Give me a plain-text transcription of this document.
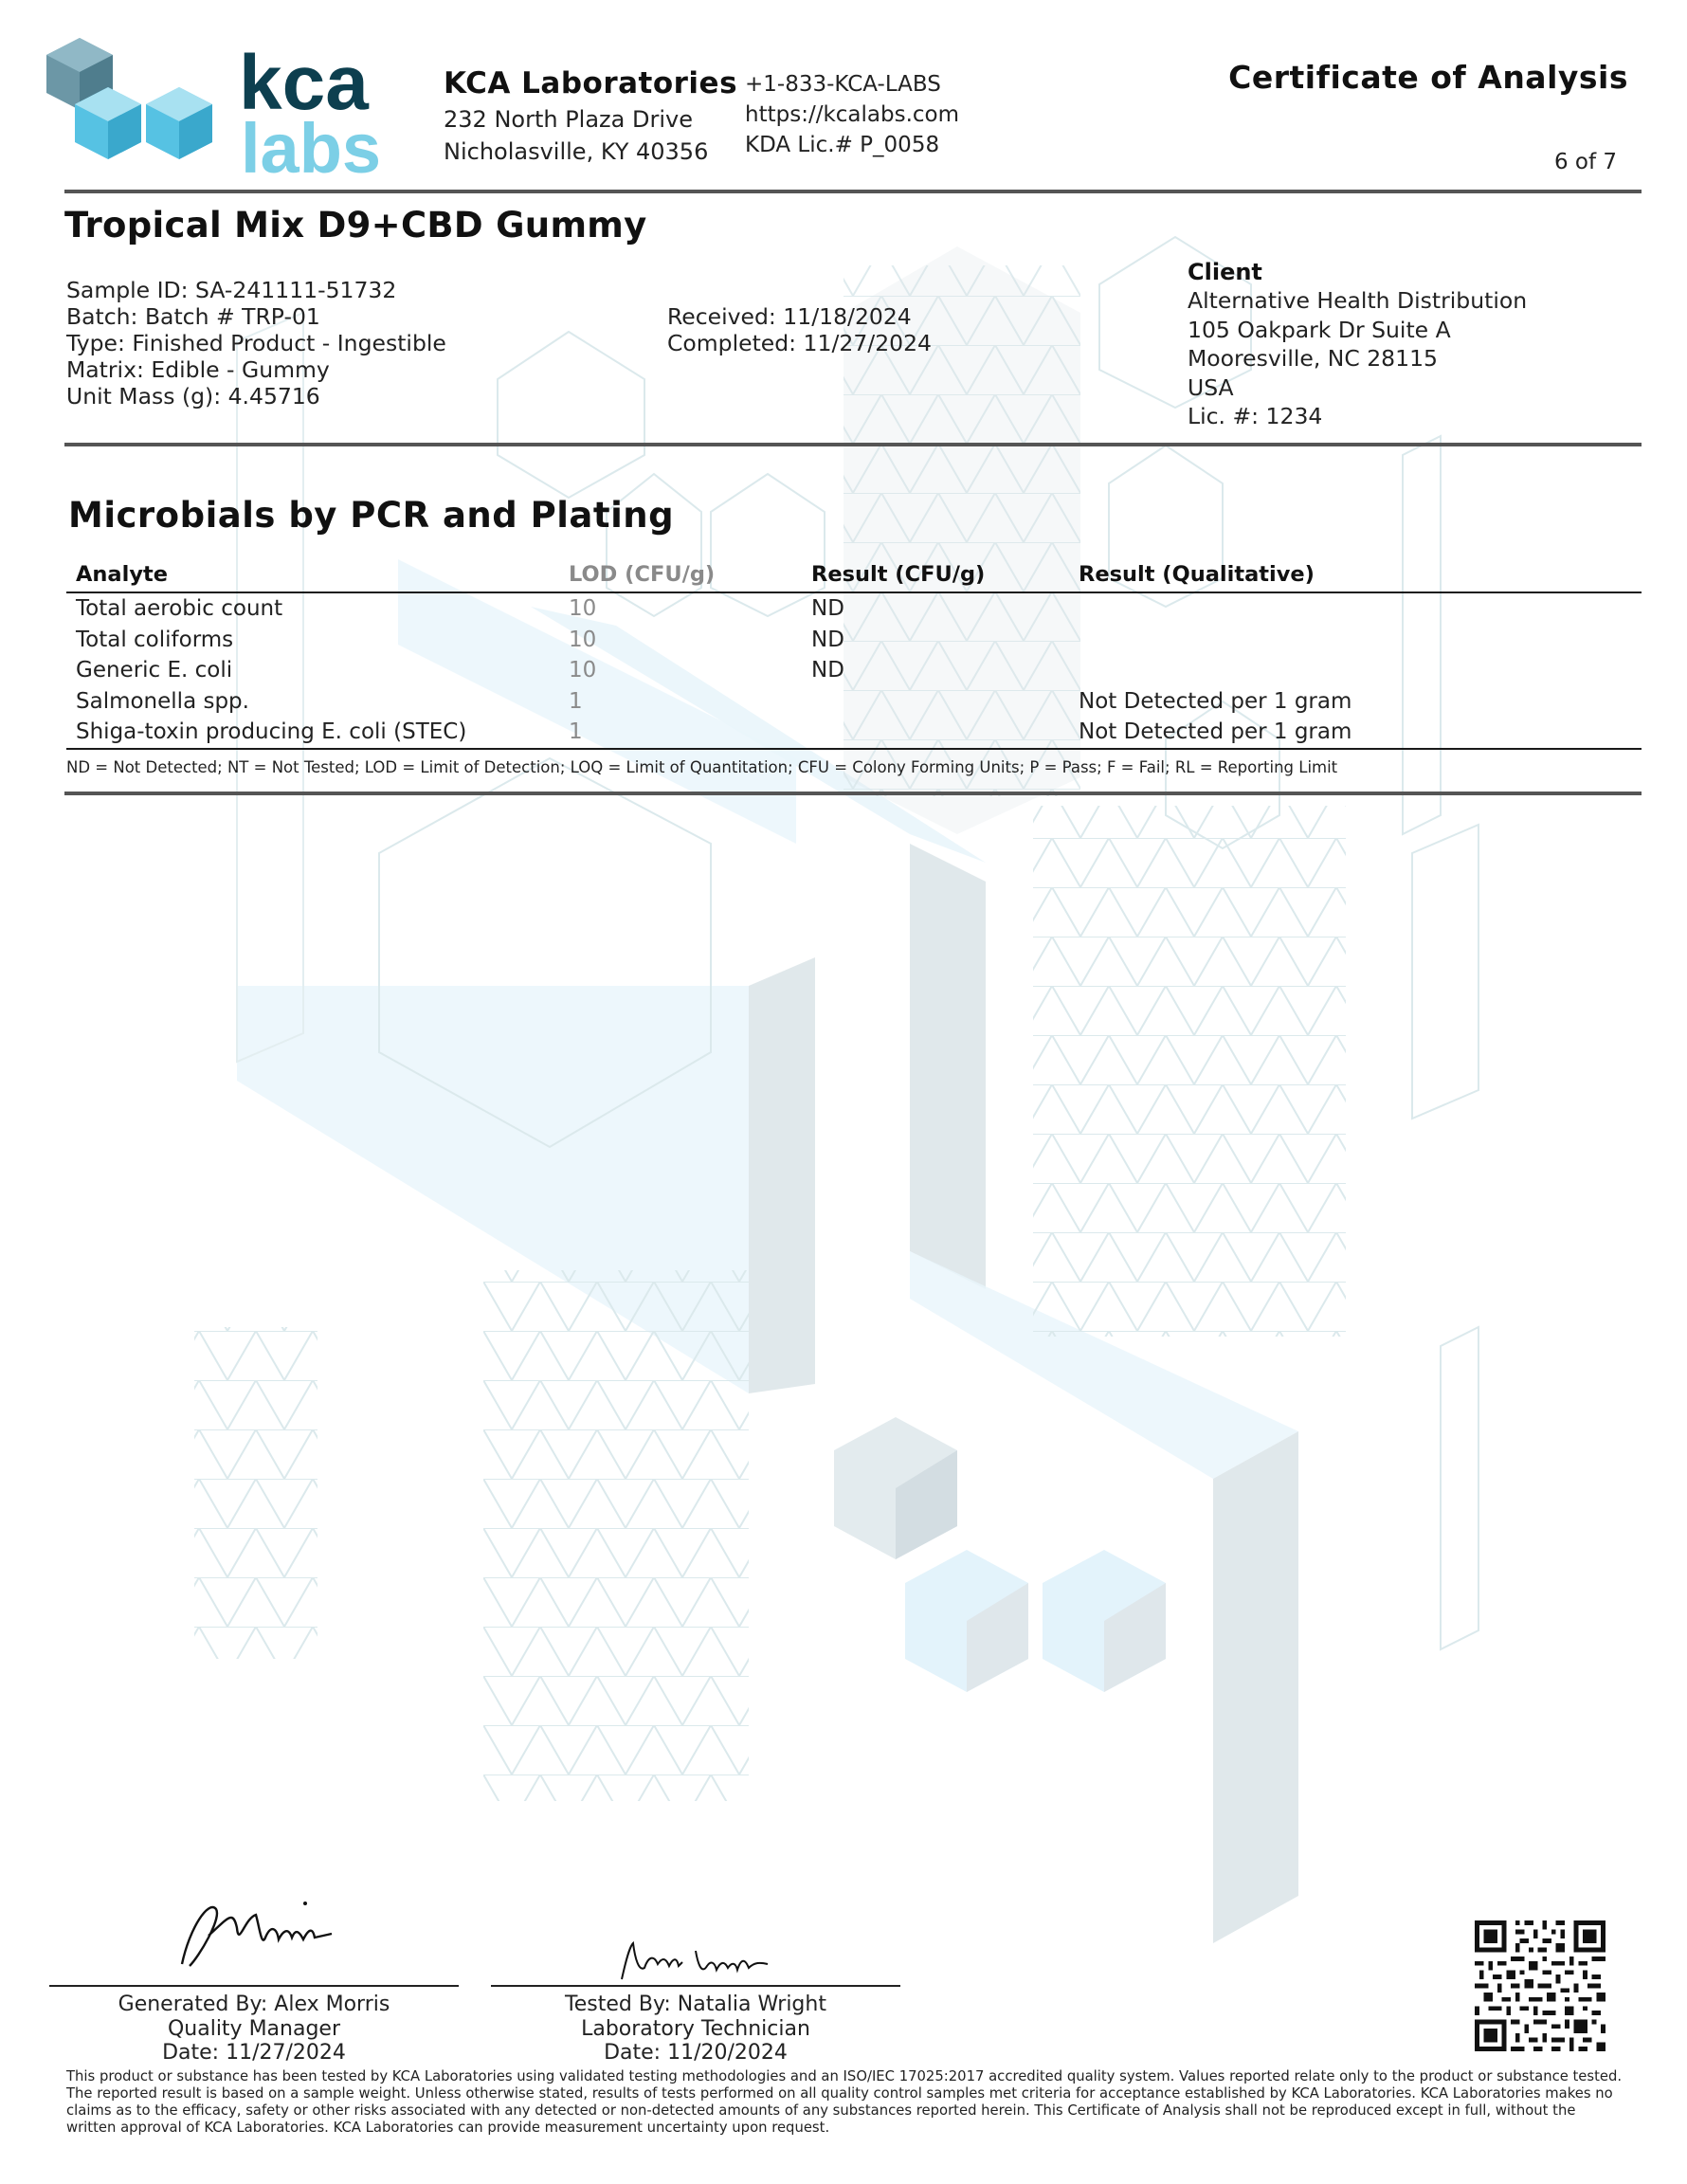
kca
labs
KCA Laboratories
232 North Plaza Drive
Nicholasville, KY 40356
+1-833-KCA-LABS
https://kcalabs.com
KDA Lic.# P_0058
Certificate of Analysis
6 of 7
Tropical Mix D9+CBD Gummy
Sample ID: SA-241111-51732
Batch: Batch # TRP-01
Type: Finished Product - Ingestible
Matrix: Edible - Gummy
Unit Mass (g): 4.45716
Received: 11/18/2024
Completed: 11/27/2024
Client
Alternative Health Distribution
105 Oakpark Dr Suite A
Mooresville, NC 28115
USA
Lic. #: 1234
Microbials by PCR and Plating
Analyte	LOD (CFU/g)	Result (CFU/g)	Result (Qualitative)
Total aerobic count	10	ND	
Total coliforms	10	ND	
Generic E. coli	10	ND	
Salmonella spp.	1		Not Detected per 1 gram
Shiga-toxin producing E. coli (STEC)	1		Not Detected per 1 gram
ND = Not Detected; NT = Not Tested; LOD = Limit of Detection; LOQ = Limit of Quantitation; CFU = Colony Forming Units; P = Pass; F = Fail; RL = Reporting Limit
Generated By: Alex Morris
Quality Manager
Date: 11/27/2024
Tested By: Natalia Wright
Laboratory Technician
Date: 11/20/2024
This product or substance has been tested by KCA Laboratories using validated testing methodologies and an ISO/IEC 17025:2017 accredited quality system. Values reported relate only to the product or substance tested. The reported result is based on a sample weight. Unless otherwise stated, results of tests performed on all quality control samples met criteria for acceptance established by KCA Laboratories. KCA Laboratories makes no claims as to the efficacy, safety or other risks associated with any detected or non-detected amounts of any substances reported herein. This Certificate of Analysis shall not be reproduced except in full, without the written approval of KCA Laboratories. KCA Laboratories can provide measurement uncertainty upon request.
